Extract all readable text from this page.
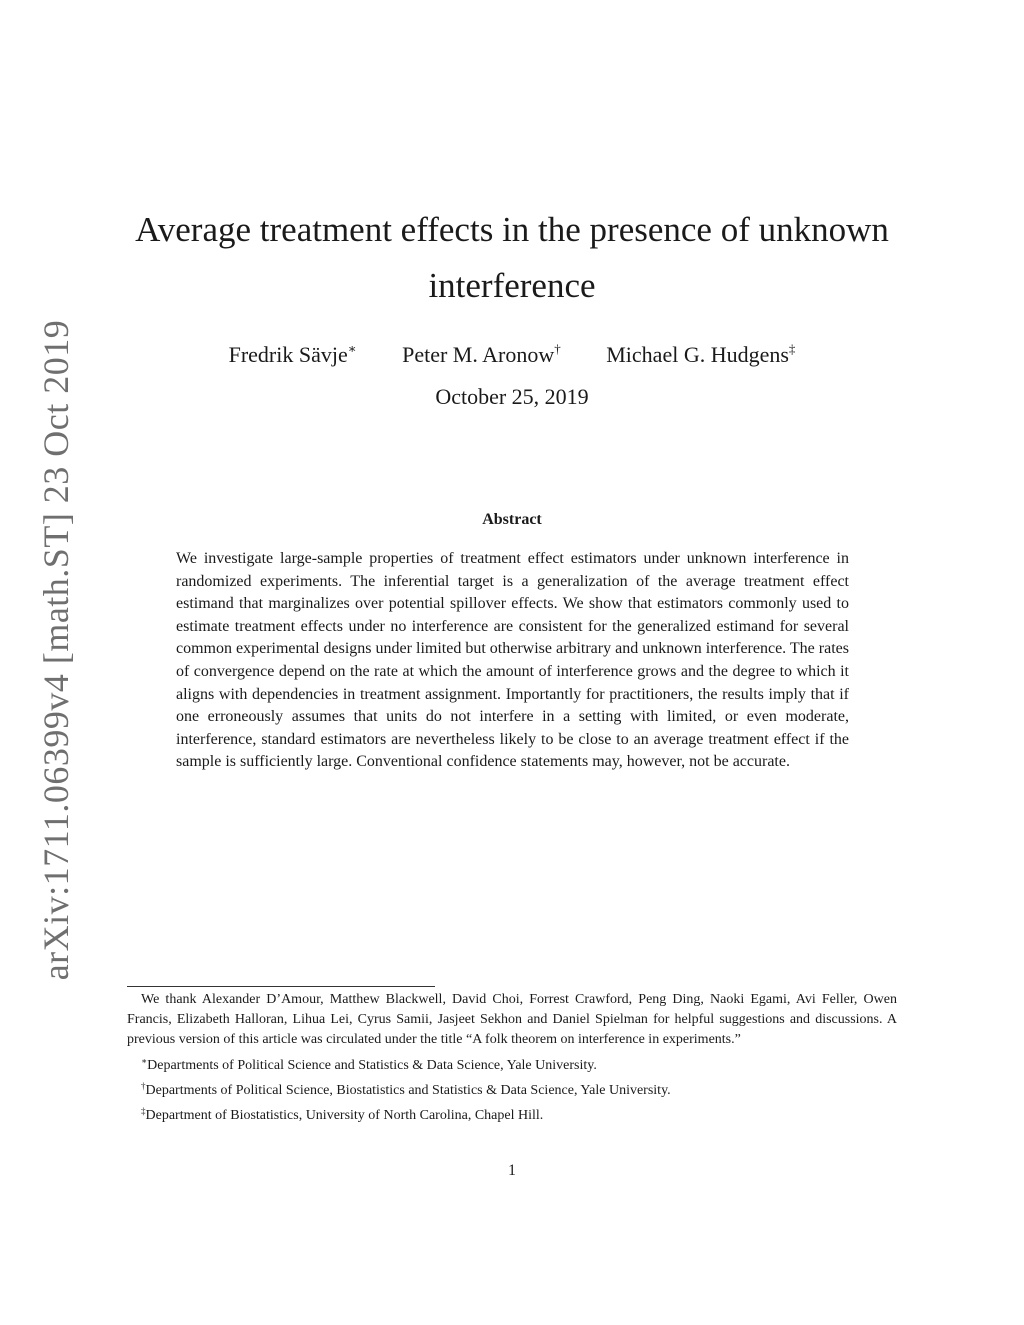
arXiv:1711.06399v4 [math.ST] 23 Oct 2019
Average treatment effects in the presence of unknown interference
Fredrik Sävje∗ Peter M. Aronow† Michael G. Hudgens‡
October 25, 2019
Abstract

We investigate large-sample properties of treatment effect estimators under unknown interference in randomized experiments. The inferential target is a generalization of the average treatment effect estimand that marginalizes over potential spillover effects. We show that estimators commonly used to estimate treatment effects under no interference are consistent for the generalized estimand for several common experimental designs under limited but otherwise arbitrary and unknown interference. The rates of convergence depend on the rate at which the amount of interference grows and the degree to which it aligns with dependencies in treatment assignment. Importantly for practitioners, the results imply that if one erroneously assumes that units do not interfere in a setting with limited, or even moderate, interference, standard estimators are nevertheless likely to be close to an average treatment effect if the sample is sufficiently large. Conventional confidence statements may, however, not be accurate.

We thank Alexander D’Amour, Matthew Blackwell, David Choi, Forrest Crawford, Peng Ding, Naoki Egami, Avi Feller, Owen Francis, Elizabeth Halloran, Lihua Lei, Cyrus Samii, Jasjeet Sekhon and Daniel Spielman for helpful suggestions and discussions. A previous version of this article was circulated under the title “A folk theorem on interference in experiments.”

∗Departments of Political Science and Statistics & Data Science, Yale University.

†Departments of Political Science, Biostatistics and Statistics & Data Science, Yale University.

‡Department of Biostatistics, University of North Carolina, Chapel Hill.

1
